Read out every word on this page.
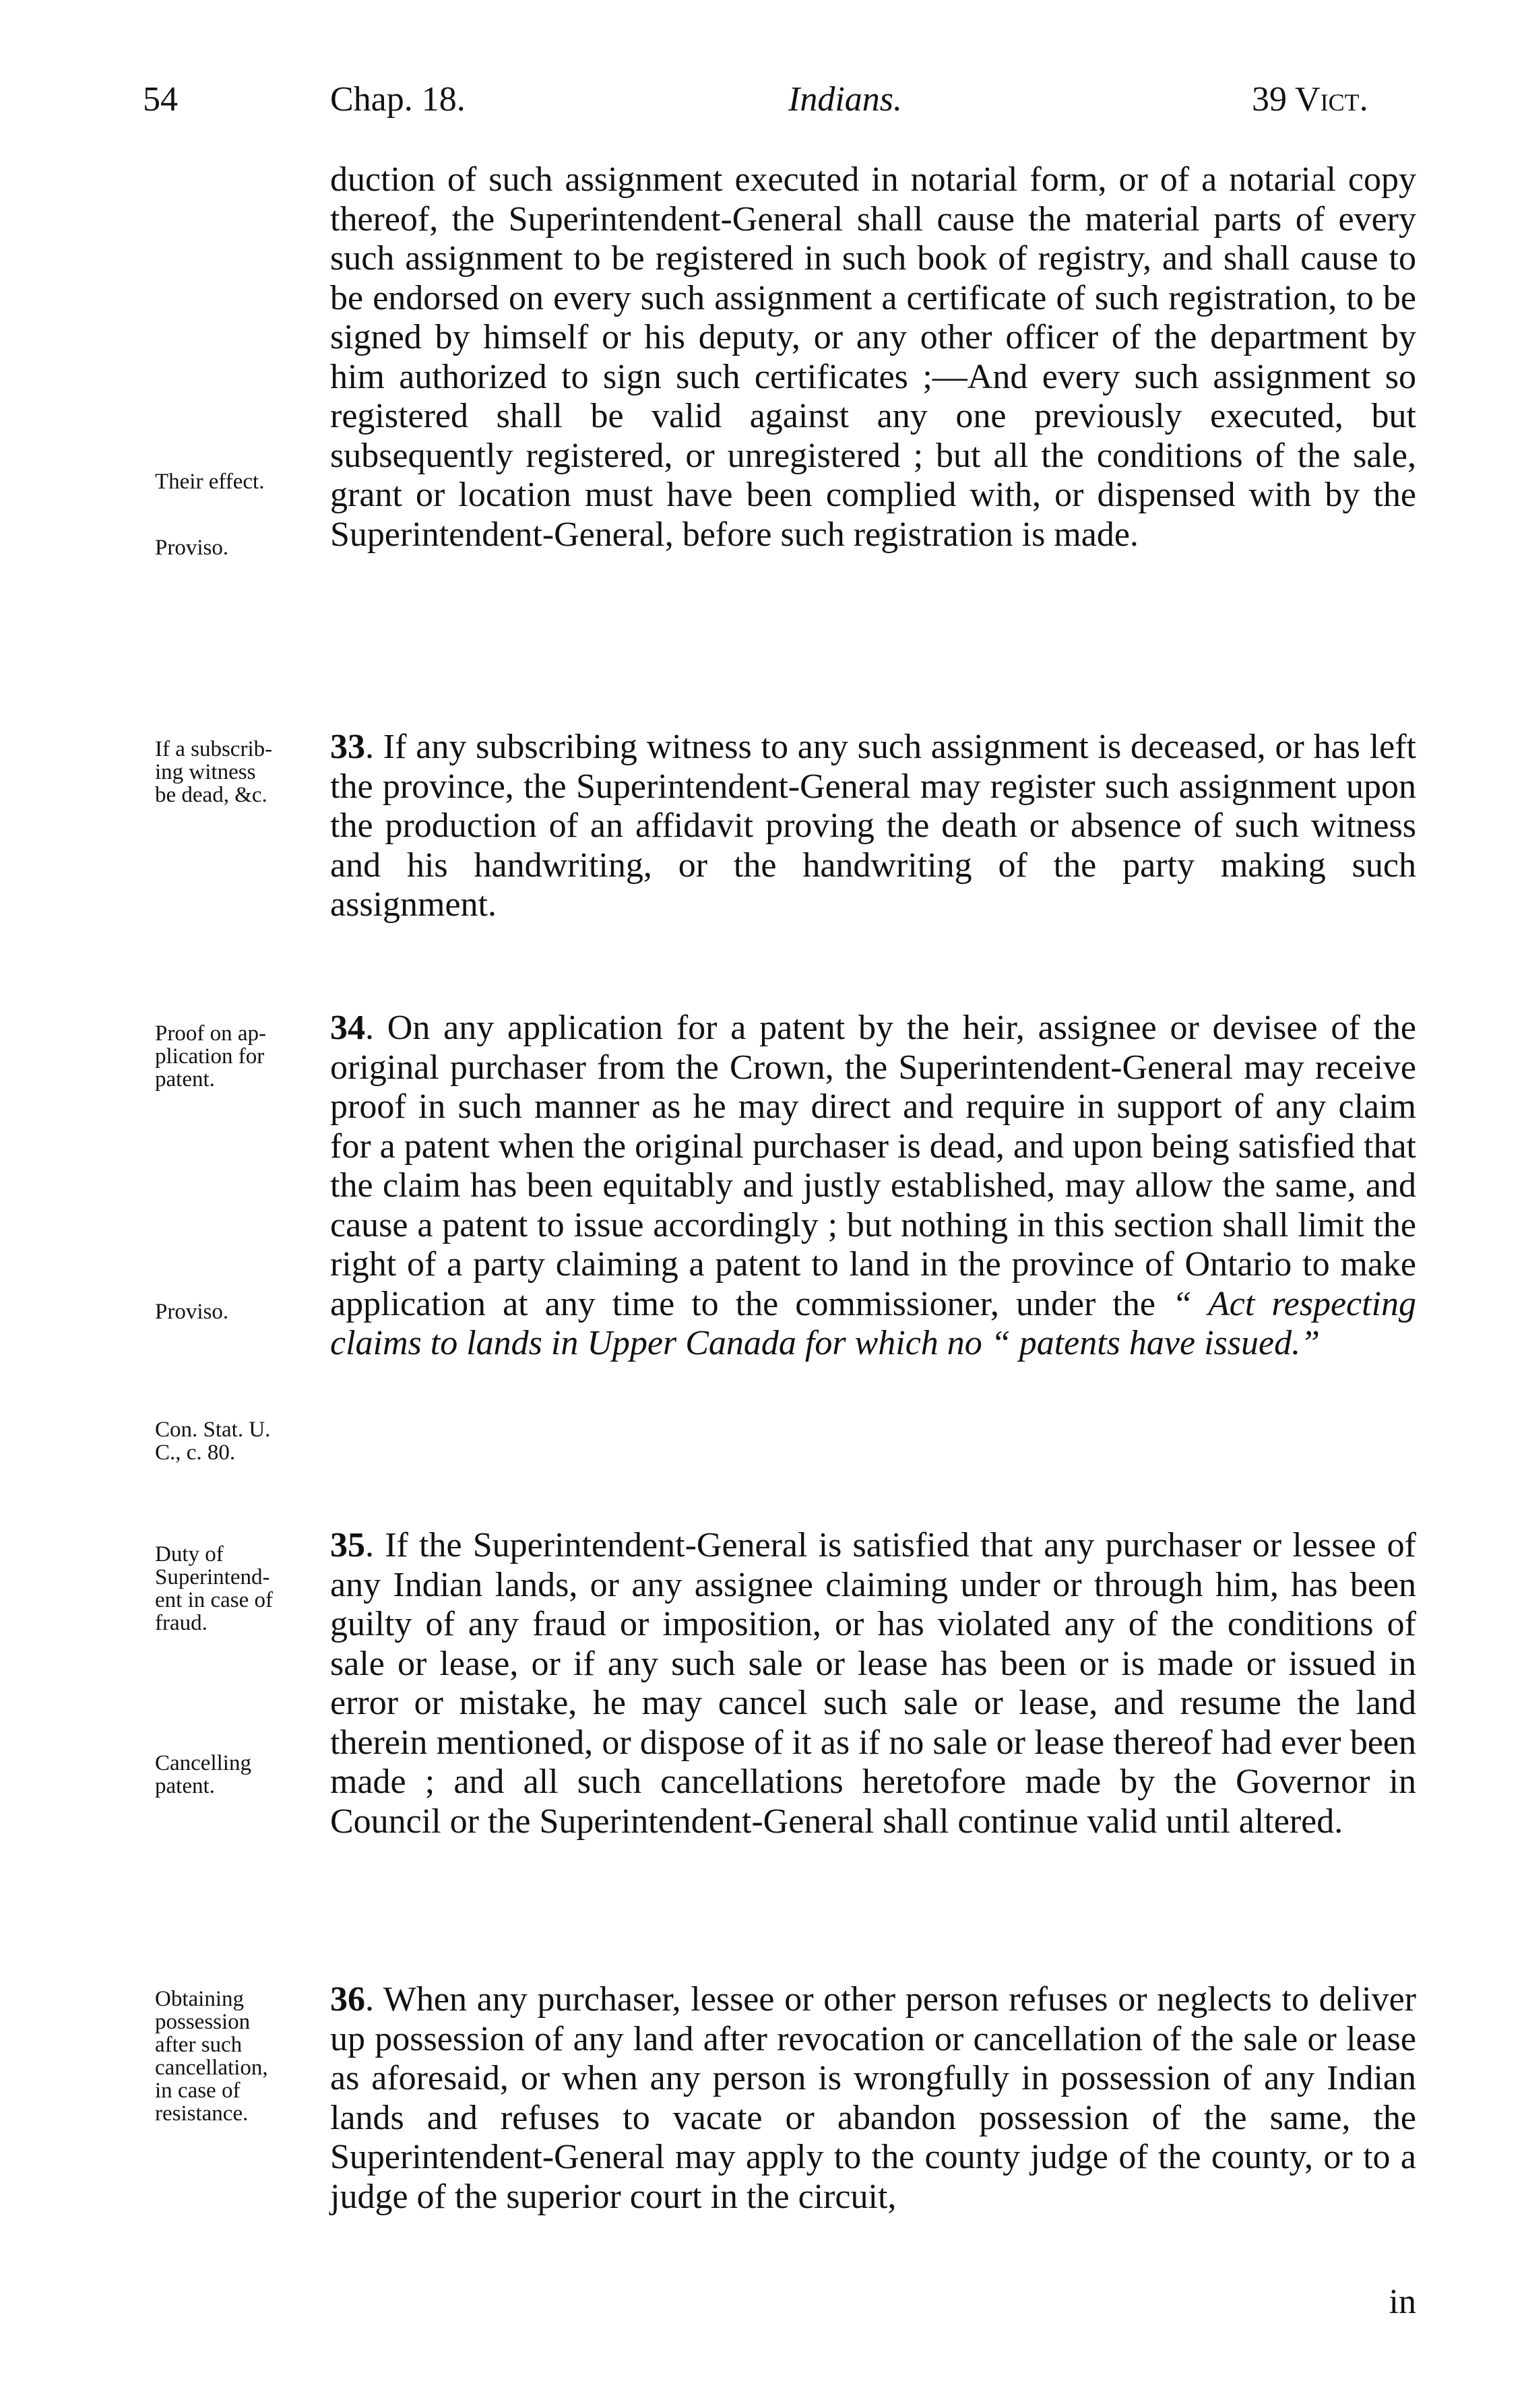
54	Chap. 18.	Indians.	39 Vict.

duction of such assignment executed in notarial form, or of a notarial copy thereof, the Superintendent-General shall cause the material parts of every such assignment to be registered in such book of registry, and shall cause to be endorsed on every such assignment a certificate of such registration, to be signed by himself or his deputy, or any other officer of the department by him authorized to sign such certificates ;—And every such assignment so registered shall be valid against any one previously executed, but subsequently registered, or unregistered ; but all the conditions of the sale, grant or location must have been complied with, or dispensed with by the Superintendent-General, before such registration is made.

33. If any subscribing witness to any such assignment is deceased, or has left the province, the Superintendent-General may register such assignment upon the production of an affidavit proving the death or absence of such witness and his handwriting, or the handwriting of the party making such assignment.

34. On any application for a patent by the heir, assignee or devisee of the original purchaser from the Crown, the Superintendent-General may receive proof in such manner as he may direct and require in support of any claim for a patent when the original purchaser is dead, and upon being satisfied that the claim has been equitably and justly established, may allow the same, and cause a patent to issue accordingly ; but nothing in this section shall limit the right of a party claiming a patent to land in the province of Ontario to make application at any time to the commissioner, under the “ Act respecting claims to lands in Upper Canada for which no “ patents have issued.”

35. If the Superintendent-General is satisfied that any purchaser or lessee of any Indian lands, or any assignee claiming under or through him, has been guilty of any fraud or imposition, or has violated any of the conditions of sale or lease, or if any such sale or lease has been or is made or issued in error or mistake, he may cancel such sale or lease, and resume the land therein mentioned, or dispose of it as if no sale or lease thereof had ever been made ; and all such cancellations heretofore made by the Governor in Council or the Superintendent-General shall continue valid until altered.

36. When any purchaser, lessee or other person refuses or neglects to deliver up possession of any land after revocation or cancellation of the sale or lease as aforesaid, or when any person is wrongfully in possession of any Indian lands and refuses to vacate or abandon possession of the same, the Superintendent-General may apply to the county judge of the county, or to a judge of the superior court in the circuit,

in
Their effect.
Proviso.
If a subscrib-
ing witness
be dead, &c.
Proof on ap-
plication for
patent.
Proviso.
Con. Stat. U.
C., c. 80.
Duty of
Superintend-
ent in case of
fraud.
Cancelling
patent.
Obtaining
possession
after such
cancellation,
in case of
resistance.
